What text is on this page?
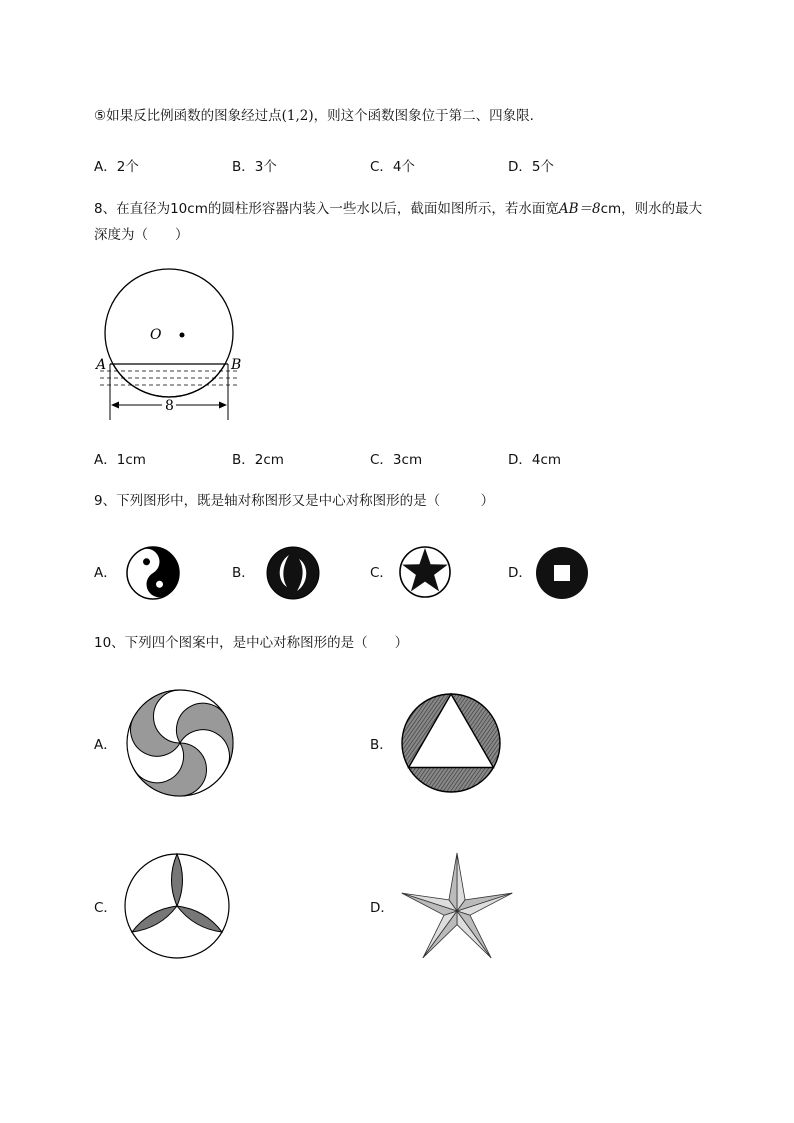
⑤如果反比例函数的图象经过点(1,2)，则这个函数图象位于第二、四象限.
A．2个	B．3个	C．4个	D．5个
8、在直径为10cm的圆柱形容器内装入一些水以后，截面如图所示，若水面宽AB＝8cm，则水的最大
深度为（　　）
O
A	B
8
A．1cm	B．2cm	C．3cm	D．4cm
9、下列图形中，既是轴对称图形又是中心对称图形的是（　　　）
A．	B．	C．	D．
10、下列四个图案中，是中心对称图形的是（　　）
A．	B．
C．	D．
